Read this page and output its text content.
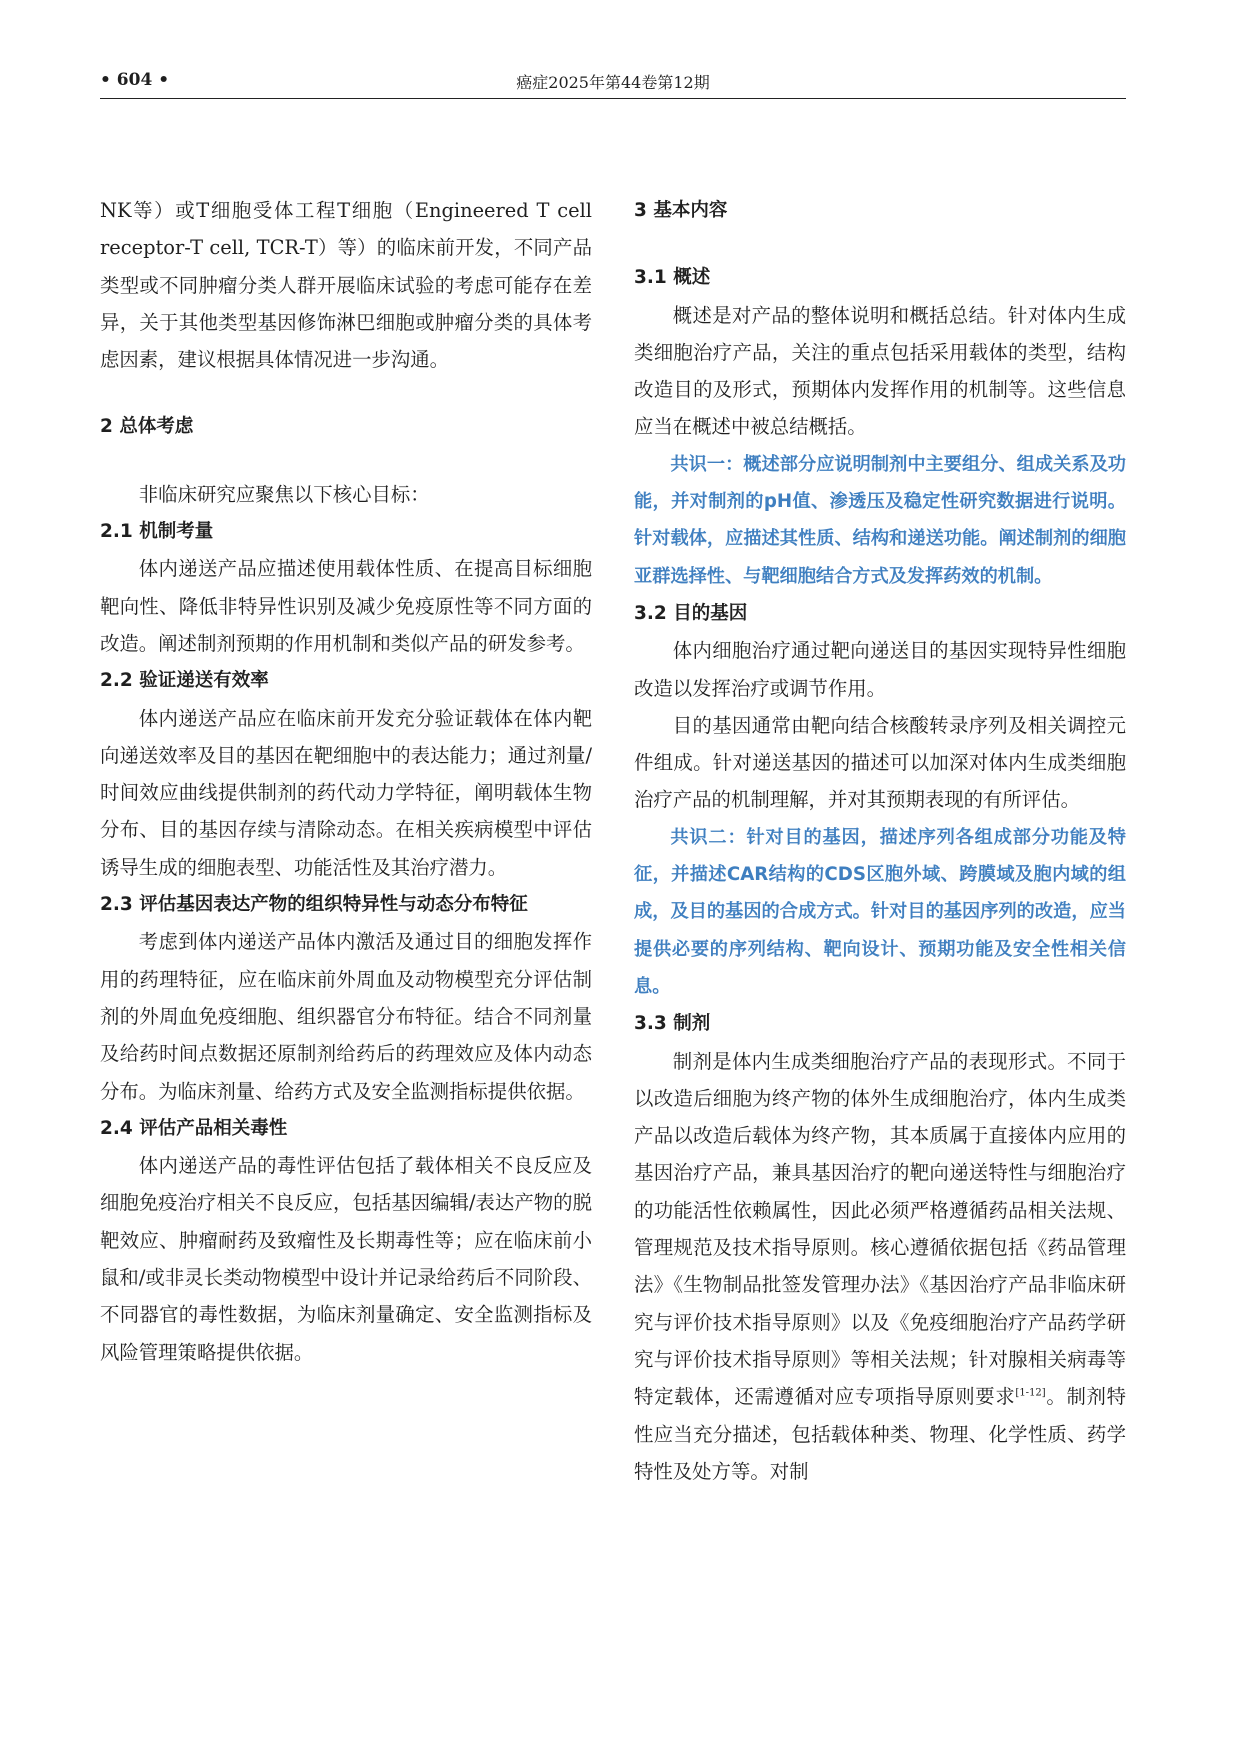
• 604 •	癌症2025年第44卷第12期

NK等）或T细胞受体工程T细胞（Engineered T cell receptor-T cell, TCR-T）等）的临床前开发，不同产品类型或不同肿瘤分类人群开展临床试验的考虑可能存在差异，关于其他类型基因修饰淋巴细胞或肿瘤分类的具体考虑因素，建议根据具体情况进一步沟通。

2 总体考虑

非临床研究应聚焦以下核心目标：

2.1 机制考量

体内递送产品应描述使用载体性质、在提高目标细胞靶向性、降低非特异性识别及减少免疫原性等不同方面的改造。阐述制剂预期的作用机制和类似产品的研发参考。

2.2 验证递送有效率

体内递送产品应在临床前开发充分验证载体在体内靶向递送效率及目的基因在靶细胞中的表达能力；通过剂量/时间效应曲线提供制剂的药代动力学特征，阐明载体生物分布、目的基因存续与清除动态。在相关疾病模型中评估诱导生成的细胞表型、功能活性及其治疗潜力。

2.3 评估基因表达产物的组织特异性与动态分布特征

考虑到体内递送产品体内激活及通过目的细胞发挥作用的药理特征，应在临床前外周血及动物模型充分评估制剂的外周血免疫细胞、组织器官分布特征。结合不同剂量及给药时间点数据还原制剂给药后的药理效应及体内动态分布。为临床剂量、给药方式及安全监测指标提供依据。

2.4 评估产品相关毒性

体内递送产品的毒性评估包括了载体相关不良反应及细胞免疫治疗相关不良反应，包括基因编辑/表达产物的脱靶效应、肿瘤耐药及致瘤性及长期毒性等；应在临床前小鼠和/或非灵长类动物模型中设计并记录给药后不同阶段、不同器官的毒性数据，为临床剂量确定、安全监测指标及风险管理策略提供依据。

3 基本内容

3.1 概述

概述是对产品的整体说明和概括总结。针对体内生成类细胞治疗产品，关注的重点包括采用载体的类型，结构改造目的及形式，预期体内发挥作用的机制等。这些信息应当在概述中被总结概括。

共识一：概述部分应说明制剂中主要组分、组成关系及功能，并对制剂的pH值、渗透压及稳定性研究数据进行说明。针对载体，应描述其性质、结构和递送功能。阐述制剂的细胞亚群选择性、与靶细胞结合方式及发挥药效的机制。

3.2 目的基因

体内细胞治疗通过靶向递送目的基因实现特异性细胞改造以发挥治疗或调节作用。

目的基因通常由靶向结合核酸转录序列及相关调控元件组成。针对递送基因的描述可以加深对体内生成类细胞治疗产品的机制理解，并对其预期表现的有所评估。

共识二：针对目的基因，描述序列各组成部分功能及特征，并描述CAR结构的CDS区胞外域、跨膜域及胞内域的组成，及目的基因的合成方式。针对目的基因序列的改造，应当提供必要的序列结构、靶向设计、预期功能及安全性相关信息。

3.3 制剂

制剂是体内生成类细胞治疗产品的表现形式。不同于以改造后细胞为终产物的体外生成细胞治疗，体内生成类产品以改造后载体为终产物，其本质属于直接体内应用的基因治疗产品，兼具基因治疗的靶向递送特性与细胞治疗的功能活性依赖属性，因此必须严格遵循药品相关法规、管理规范及技术指导原则。核心遵循依据包括《药品管理法》《生物制品批签发管理办法》《基因治疗产品非临床研究与评价技术指导原则》以及《免疫细胞治疗产品药学研究与评价技术指导原则》等相关法规；针对腺相关病毒等特定载体，还需遵循对应专项指导原则要求[1-12]。制剂特性应当充分描述，包括载体种类、物理、化学性质、药学特性及处方等。对制
